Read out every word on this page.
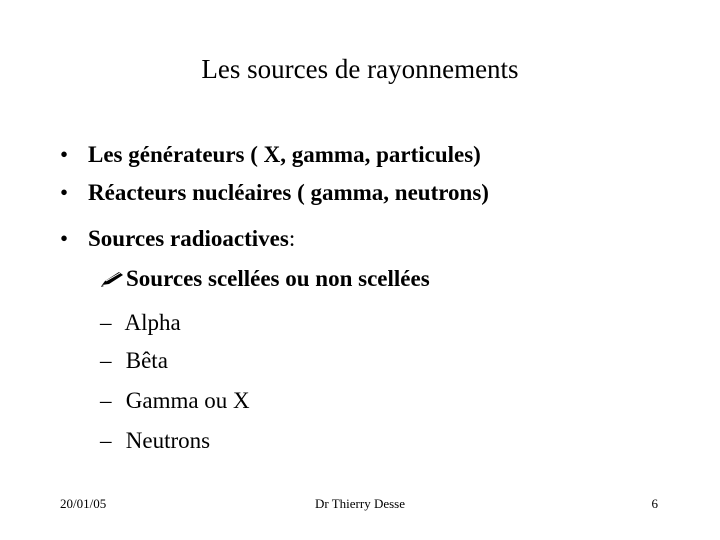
Les sources de rayonnements
• Les générateurs ( X, gamma, particules)
• Réacteurs nucléaires ( gamma, neutrons)
• Sources radioactives:
Sources scellées ou non scellées
– Alpha
– Bêta
– Gamma ou X
– Neutrons
20/01/05	Dr Thierry Desse	6
